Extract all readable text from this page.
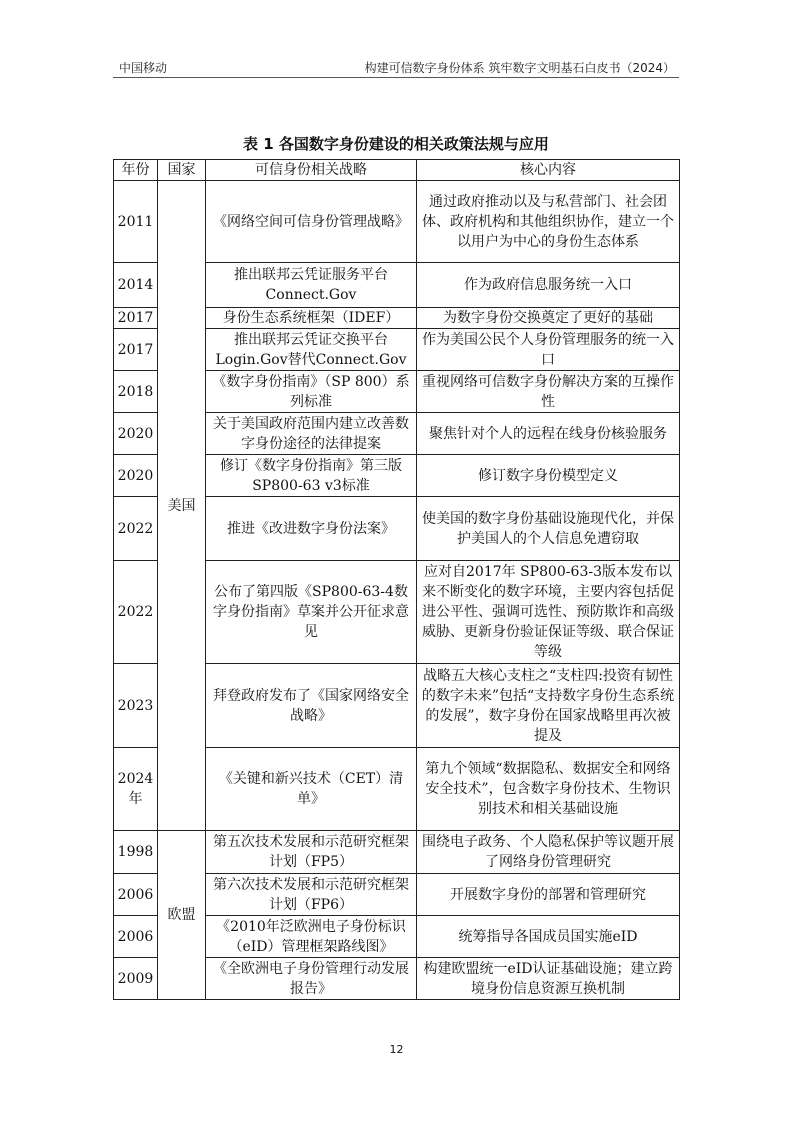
中国移动	构建可信数字身份体系 筑牢数字文明基石白皮书（2024）
表 1 各国数字身份建设的相关政策法规与应用
年份	国家	可信身份相关战略	核心内容
2011	美国	《网络空间可信身份管理战略》	通过政府推动以及与私营部门、社会团体、政府机构和其他组织协作，建立一个以用户为中心的身份生态体系
2014		推出联邦云凭证服务平台Connect.Gov	作为政府信息服务统一入口
2017		身份生态系统框架（IDEF）	为数字身份交换奠定了更好的基础
2017		推出联邦云凭证交换平台Login.Gov替代Connect.Gov	作为美国公民个人身份管理服务的统一入口
2018		《数字身份指南》（SP 800）系列标准	重视网络可信数字身份解决方案的互操作性
2020		关于美国政府范围内建立改善数字身份途径的法律提案	聚焦针对个人的远程在线身份核验服务
2020		修订《数字身份指南》第三版SP800-63 v3标准	修订数字身份模型定义
2022		推进《改进数字身份法案》	使美国的数字身份基础设施现代化，并保护美国人的个人信息免遭窃取
2022		公布了第四版《SP800-63-4数字身份指南》草案并公开征求意见	应对自2017年 SP800-63-3版本发布以来不断变化的数字环境，主要内容包括促进公平性、强调可选性、预防欺诈和高级威胁、更新身份验证保证等级、联合保证等级
2023		拜登政府发布了《国家网络安全战略》	战略五大核心支柱之“支柱四:投资有韧性的数字未来”包括“支持数字身份生态系统的发展”，数字身份在国家战略里再次被提及
2024年		《关键和新兴技术（CET）清单》	第九个领域“数据隐私、数据安全和网络安全技术”，包含数字身份技术、生物识别技术和相关基础设施
1998	欧盟	第五次技术发展和示范研究框架计划（FP5）	围绕电子政务、个人隐私保护等议题开展了网络身份管理研究
2006		第六次技术发展和示范研究框架计划（FP6）	开展数字身份的部署和管理研究
2006		《2010年泛欧洲电子身份标识（eID）管理框架路线图》	统筹指导各国成员国实施eID
2009		《全欧洲电子身份管理行动发展报告》	构建欧盟统一eID认证基础设施；建立跨境身份信息资源互换机制
12
